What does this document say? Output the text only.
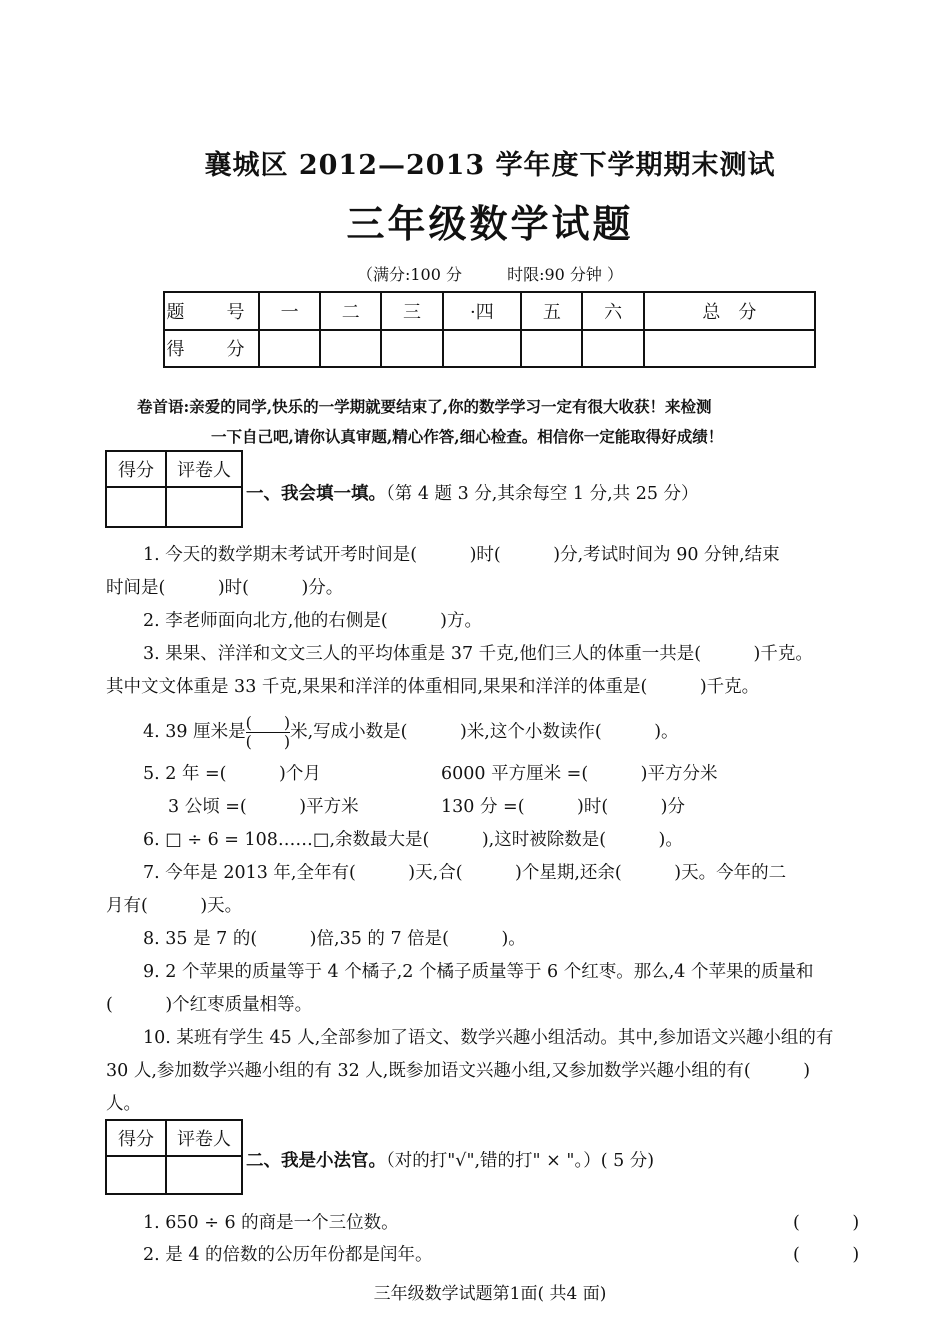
襄城区 2012—2013 学年度下学期期末测试
三年级数学试题
（满分:100 分	时限:90 分钟 ）
题　号	一	二	三	·四	五	六	总　分
得　分							
卷首语:亲爱的同学,快乐的一学期就要结束了,你的数学学习一定有很大收获！来检测
一下自己吧,请你认真审题,精心作答,细心检查。相信你一定能取得好成绩！
得分	评卷人

一、我会填一填。（第 4 题 3 分,其余每空 1 分,共 25 分）
1. 今天的数学期末考试开考时间是(　　　)时(　　　)分,考试时间为 90 分钟,结束
时间是(　　　)时(　　　)分。
2. 李老师面向北方,他的右侧是(　　　)方。
3. 果果、洋洋和文文三人的平均体重是 37 千克,他们三人的体重一共是(　　　)千克。
其中文文体重是 33 千克,果果和洋洋的体重相同,果果和洋洋的体重是(　　　)千克。
4. 39 厘米是 (　　)
(　　) 米,写成小数是(　　　)米,这个小数读作(　　　)。
5. 2 年 =(　　　)个月	6000 平方厘米 =(　　　)平方分米
3 公顷 =(　　　)平方米	130 分 =(　　　)时(　　　)分
6. □ ÷ 6 = 108……□,余数最大是(　　　),这时被除数是(　　　)。
7. 今年是 2013 年,全年有(　　　)天,合(　　　)个星期,还余(　　　)天。今年的二
月有(　　　)天。
8. 35 是 7 的(　　　)倍,35 的 7 倍是(　　　)。
9. 2 个苹果的质量等于 4 个橘子,2 个橘子质量等于 6 个红枣。那么,4 个苹果的质量和
(　　　)个红枣质量相等。
10. 某班有学生 45 人,全部参加了语文、数学兴趣小组活动。其中,参加语文兴趣小组的有
30 人,参加数学兴趣小组的有 32 人,既参加语文兴趣小组,又参加数学兴趣小组的有(　　　)
人。
得分	评卷人

二、我是小法官。（对的打"√",错的打" × "。）( 5 分)
1. 650 ÷ 6 的商是一个三位数。	(　　　)
2. 是 4 的倍数的公历年份都是闰年。	(　　　)
三年级数学试题第1面( 共4 面)
